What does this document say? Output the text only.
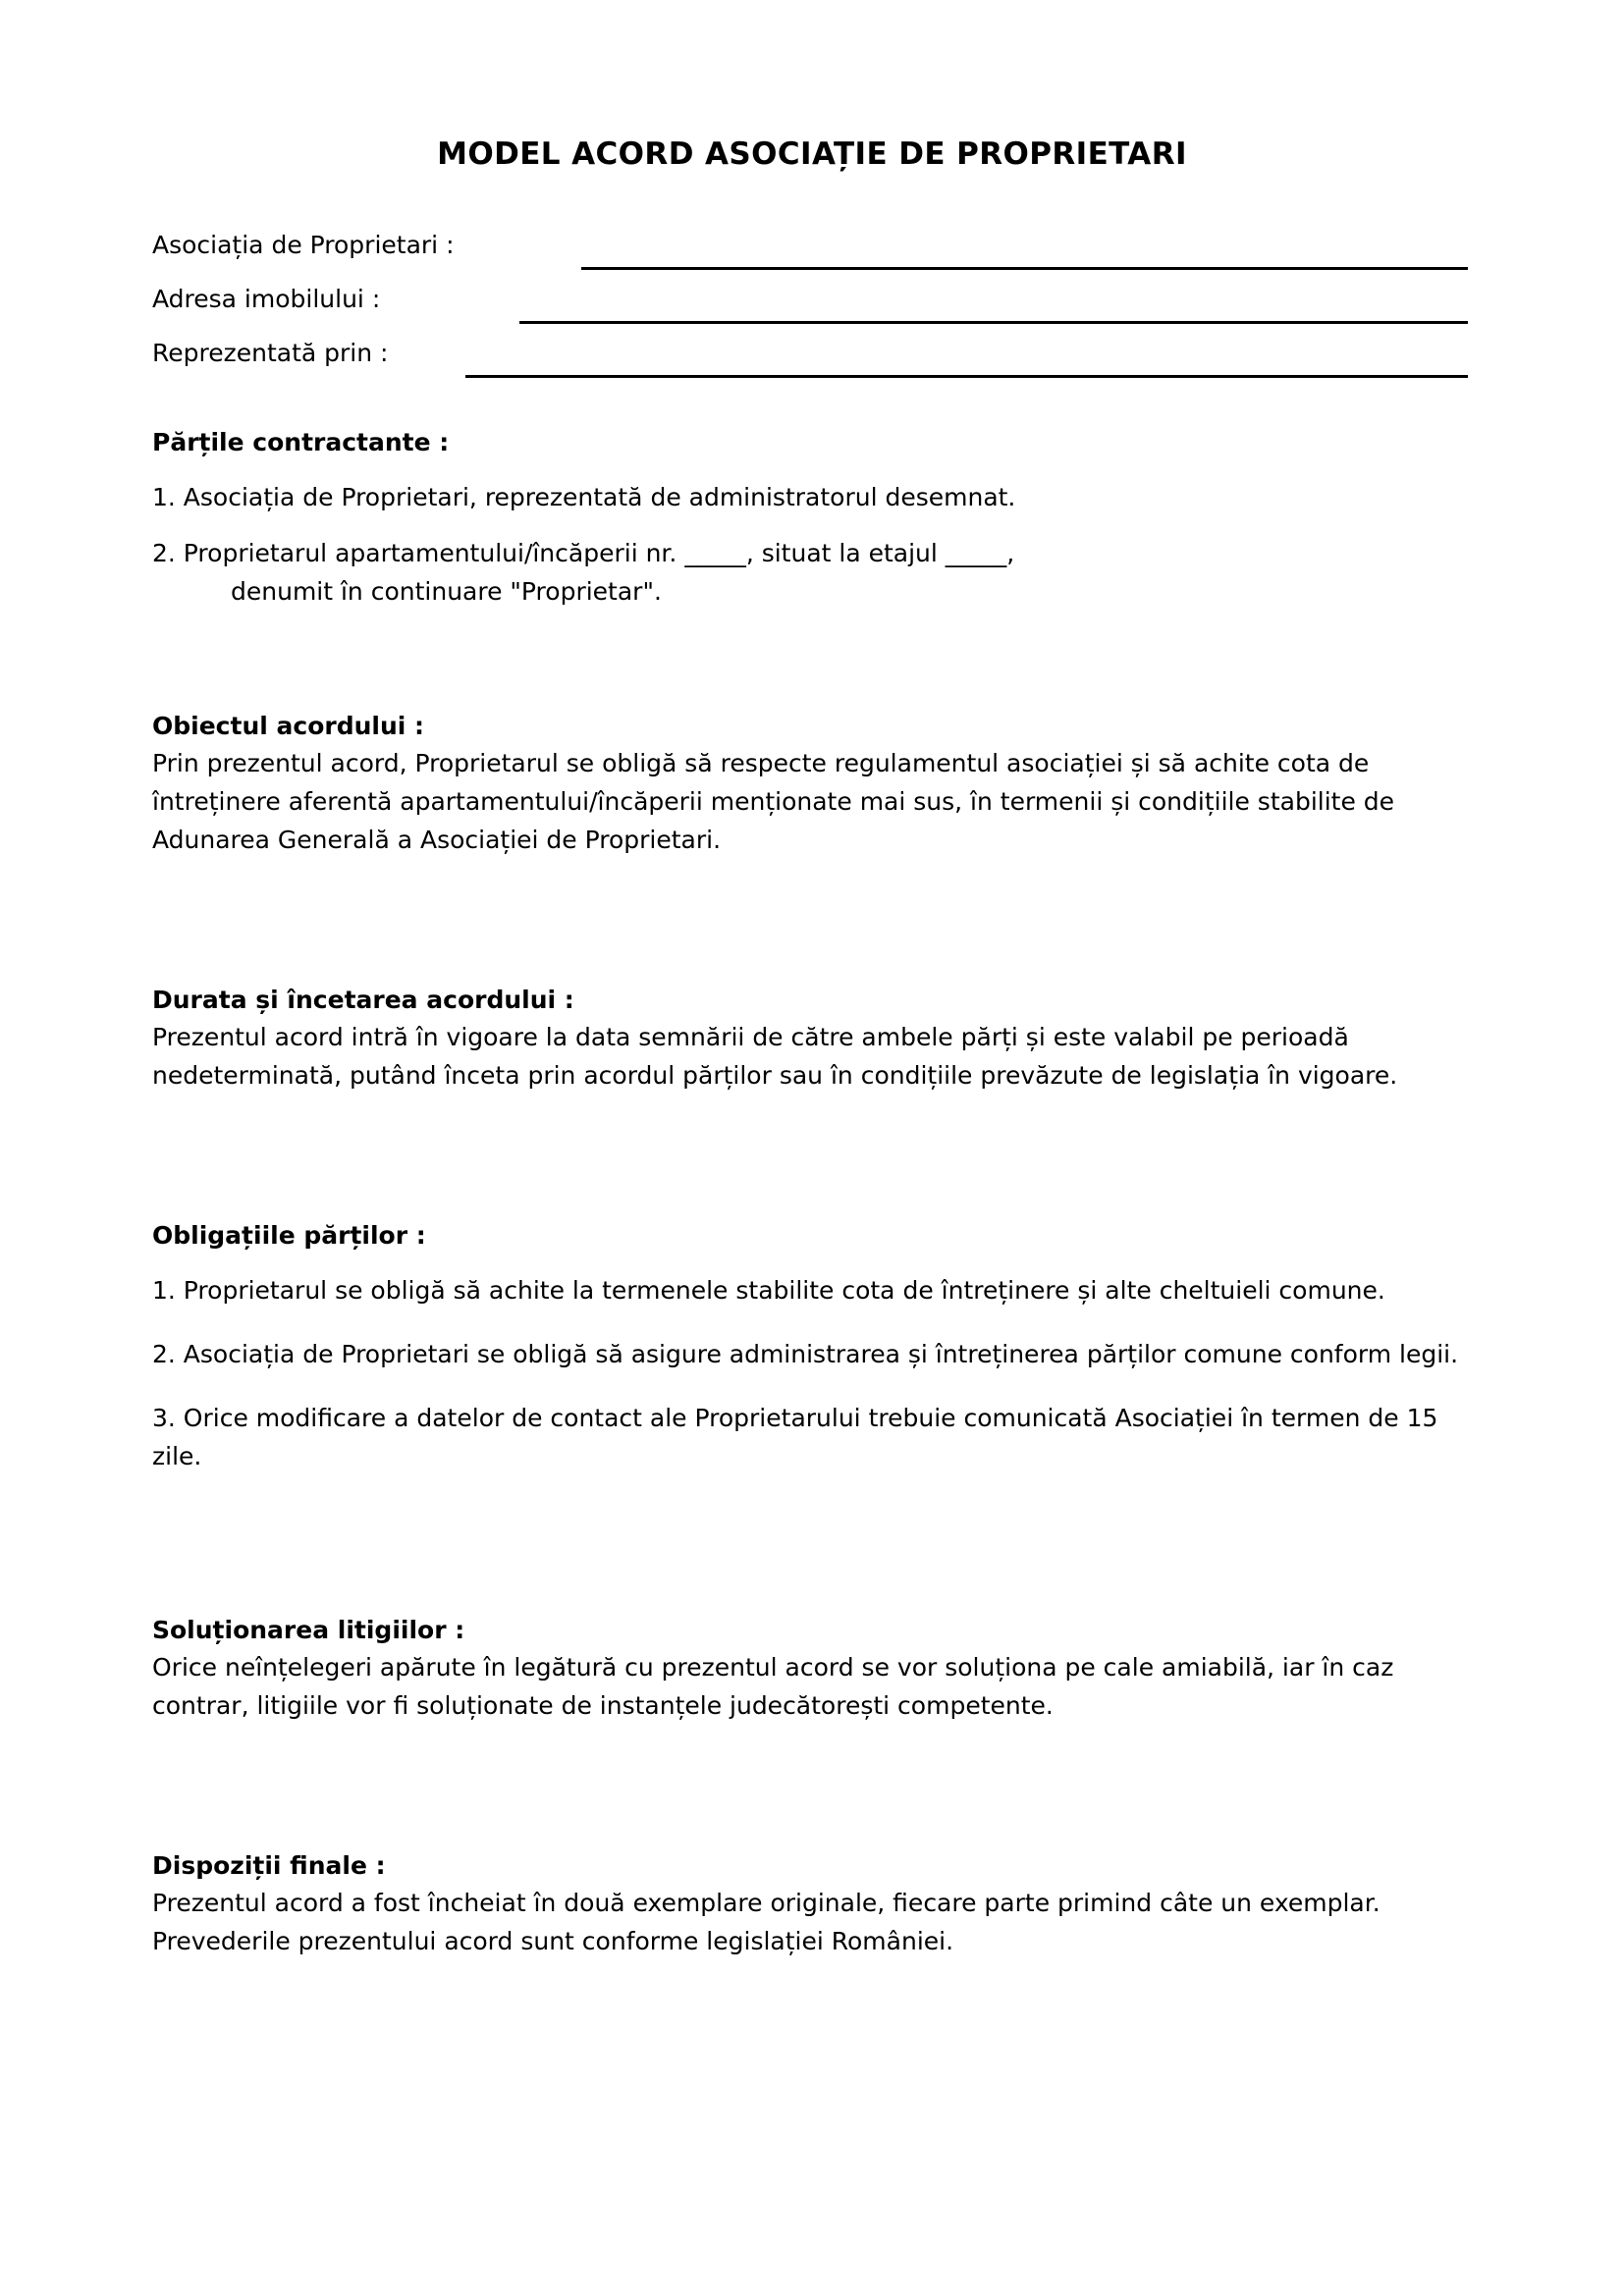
MODEL ACORD ASOCIAȚIE DE PROPRIETARI
Asociația de Proprietari :
Adresa imobilului :
Reprezentată prin :
Părțile contractante :

1. Asociația de Proprietari, reprezentată de administratorul desemnat.

2. Proprietarul apartamentului/încăperii nr. _____, situat la etajul _____,

denumit în continuare "Proprietar".

Obiectul acordului :

Prin prezentul acord, Proprietarul se obligă să respecte regulamentul asociației și să achite cota de întreținere aferentă apartamentului/încăperii menționate mai sus, în termenii și condițiile stabilite de Adunarea Generală a Asociației de Proprietari.

Durata și încetarea acordului :

Prezentul acord intră în vigoare la data semnării de către ambele părți și este valabil pe perioadă nedeterminată, putând înceta prin acordul părților sau în condițiile prevăzute de legislația în vigoare.

Obligațiile părților :

1. Proprietarul se obligă să achite la termenele stabilite cota de întreținere și alte cheltuieli comune.

2. Asociația de Proprietari se obligă să asigure administrarea și întreținerea părților comune conform legii.

3. Orice modificare a datelor de contact ale Proprietarului trebuie comunicată Asociației în termen de 15 zile.

Soluționarea litigiilor :

Orice neînțelegeri apărute în legătură cu prezentul acord se vor soluționa pe cale amiabilă, iar în caz contrar, litigiile vor fi soluționate de instanțele judecătorești competente.

Dispoziții finale :

Prezentul acord a fost încheiat în două exemplare originale, fiecare parte primind câte un exemplar. Prevederile prezentului acord sunt conforme legislației României.
